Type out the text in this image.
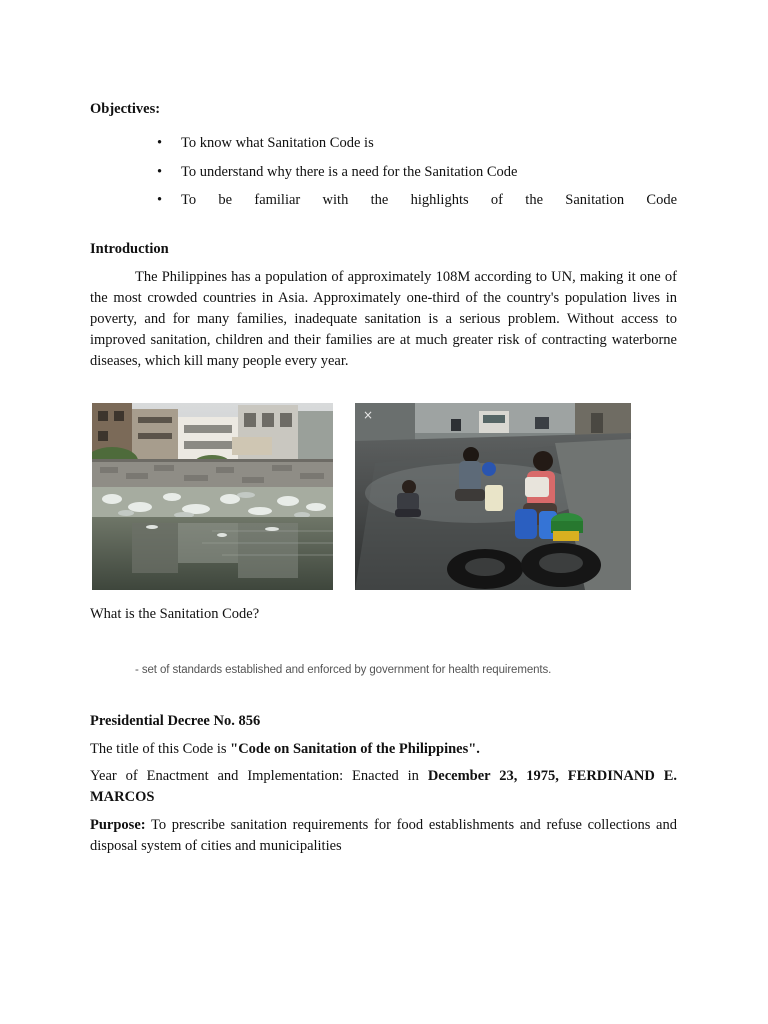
Objectives:
• To know what Sanitation Code is
• To understand why there is a need for the Sanitation Code
• To be familiar with the highlights of the Sanitation Code
Introduction
The Philippines has a population of approximately 108M according to UN, making it one of the most crowded countries in Asia. Approximately one-third of the country's population lives in poverty, and for many families, inadequate sanitation is a serious problem. Without access to improved sanitation, children and their families are at much greater risk of contracting waterborne diseases, which kill many people every year.
×
What is the Sanitation Code?
- set of standards established and enforced by government for health requirements.
Presidential Decree No. 856
The title of this Code is "Code on Sanitation of the Philippines".
Year of Enactment and Implementation: Enacted in December 23, 1975, FERDINAND E. MARCOS
Purpose: To prescribe sanitation requirements for food establishments and refuse collections and disposal system of cities and municipalities
